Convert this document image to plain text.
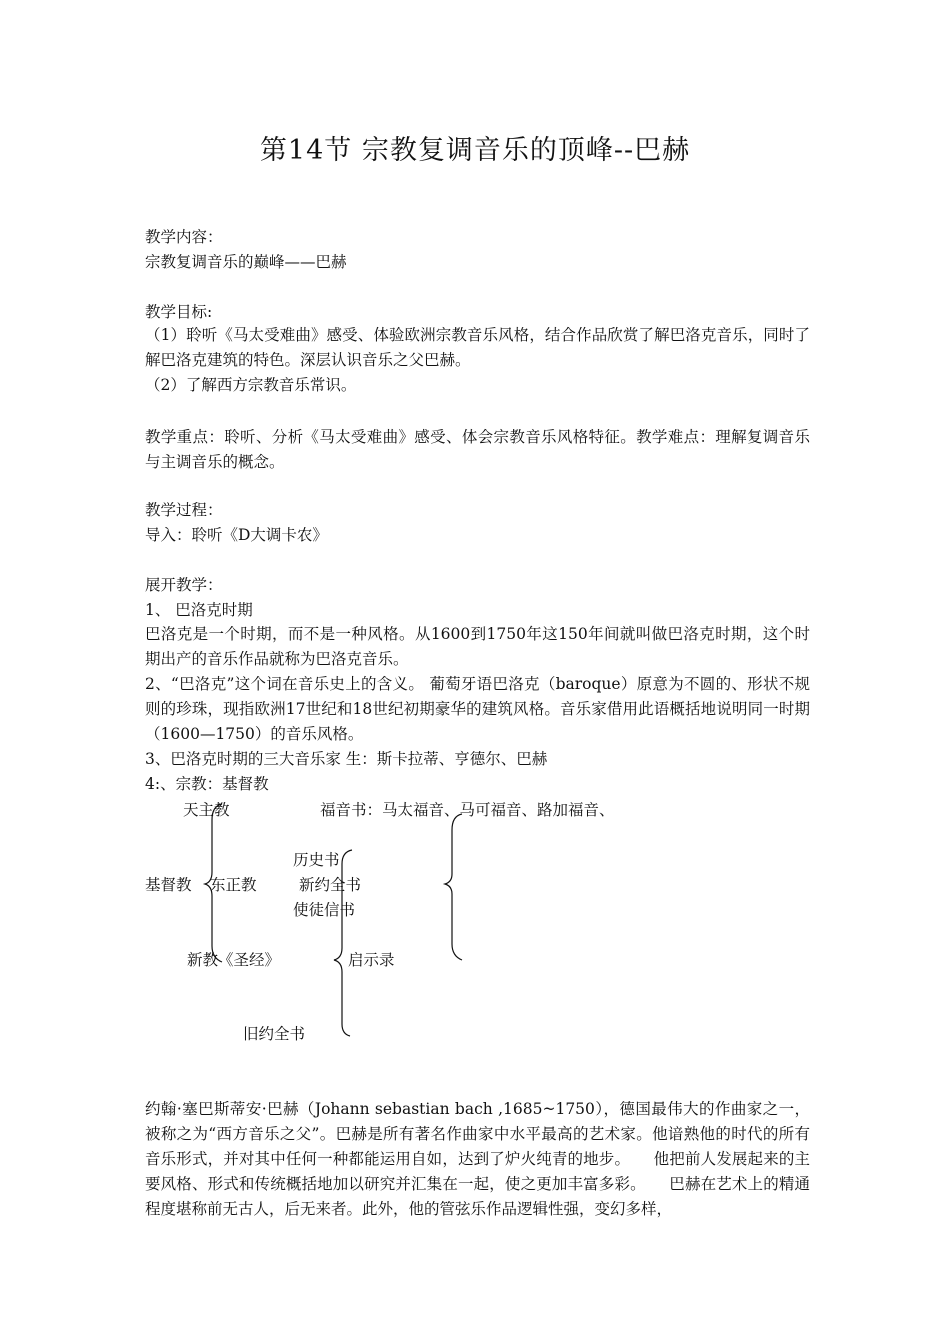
第14节 宗教复调音乐的顶峰--巴赫
教学内容：
宗教复调音乐的巅峰——巴赫
教学目标:
（1）聆听《马太受难曲》感受、体验欧洲宗教音乐风格，结合作品欣赏了解巴洛克音乐，同时了解巴洛克建筑的特色。深层认识音乐之父巴赫。
（2）了解西方宗教音乐常识。
教学重点：聆听、分析《马太受难曲》感受、体会宗教音乐风格特征。教学难点：理解复调音乐与主调音乐的概念。
教学过程：
导入：聆听《D大调卡农》
展开教学：
1、 巴洛克时期
巴洛克是一个时期，而不是一种风格。从1600到1750年这150年间就叫做巴洛克时期，这个时期出产的音乐作品就称为巴洛克音乐。
2、“巴洛克”这个词在音乐史上的含义。 葡萄牙语巴洛克（baroque）原意为不圆的、形状不规则的珍珠，现指欧洲17世纪和18世纪初期豪华的建筑风格。音乐家借用此语概括地说明同一时期（1600—1750）的音乐风格。
3、巴洛克时期的三大音乐家 生：斯卡拉蒂、亨德尔、巴赫
4:、宗教：基督教
天主教	福音书：马太福音、马可福音、路加福音、
历史书
基督教 东正教	新约全书
使徒信书
新教《圣经》	启示录
旧约全书
约翰·塞巴斯蒂安·巴赫（Johann sebastian bach ,1685~1750），德国最伟大的作曲家之一，被称之为“西方音乐之父”。巴赫是所有著名作曲家中水平最高的艺术家。他谙熟他的时代的所有音乐形式，并对其中任何一种都能运用自如，达到了炉火纯青的地步。　　他把前人发展起来的主要风格、形式和传统概括地加以研究并汇集在一起，使之更加丰富多彩。　　巴赫在艺术上的精通程度堪称前无古人，后无来者。此外，他的管弦乐作品逻辑性强，变幻多样，
